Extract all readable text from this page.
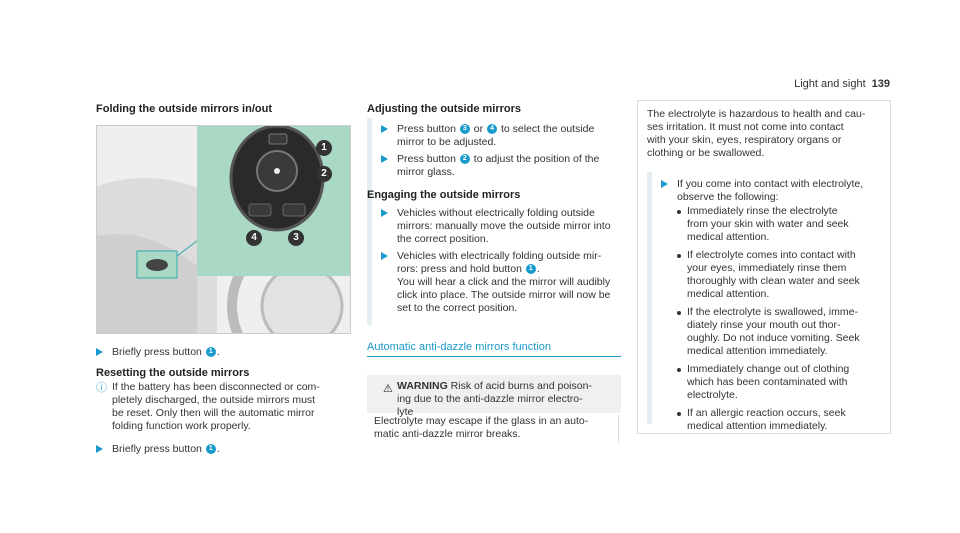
Light and sight 139
Folding the outside mirrors in/out
1
2
4	3
Briefly press button 1 .
Resetting the outside mirrors
ⓘ If the battery has been disconnected or com-
pletely discharged, the outside mirrors must
be reset. Only then will the automatic mirror
folding function work properly.
Briefly press button 1 .
Adjusting the outside mirrors
Press button 3 or 4 to select the outside
mirror to be adjusted.
Press button 2 to adjust the position of the
mirror glass.
Engaging the outside mirrors
Vehicles without electrically folding outside
mirrors: manually move the outside mirror into
the correct position.
Vehicles with electrically folding outside mir-
rors: press and hold button 1 .
You will hear a click and the mirror will audibly
click into place. The outside mirror will now be
set to the correct position.
Automatic anti-dazzle mirrors function
⚠ WARNING Risk of acid burns and poison-
ing due to the anti-dazzle mirror electro-
lyte
Electrolyte may escape if the glass in an auto-
matic anti-dazzle mirror breaks.
The electrolyte is hazardous to health and cau-
ses irritation. It must not come into contact
with your skin, eyes, respiratory organs or
clothing or be swallowed.
If you come into contact with electrolyte,
observe the following:
Immediately rinse the electrolyte
from your skin with water and seek
medical attention.
If electrolyte comes into contact with
your eyes, immediately rinse them
thoroughly with clean water and seek
medical attention.
If the electrolyte is swallowed, imme-
diately rinse your mouth out thor-
oughly. Do not induce vomiting. Seek
medical attention immediately.
Immediately change out of clothing
which has been contaminated with
electrolyte.
If an allergic reaction occurs, seek
medical attention immediately.
